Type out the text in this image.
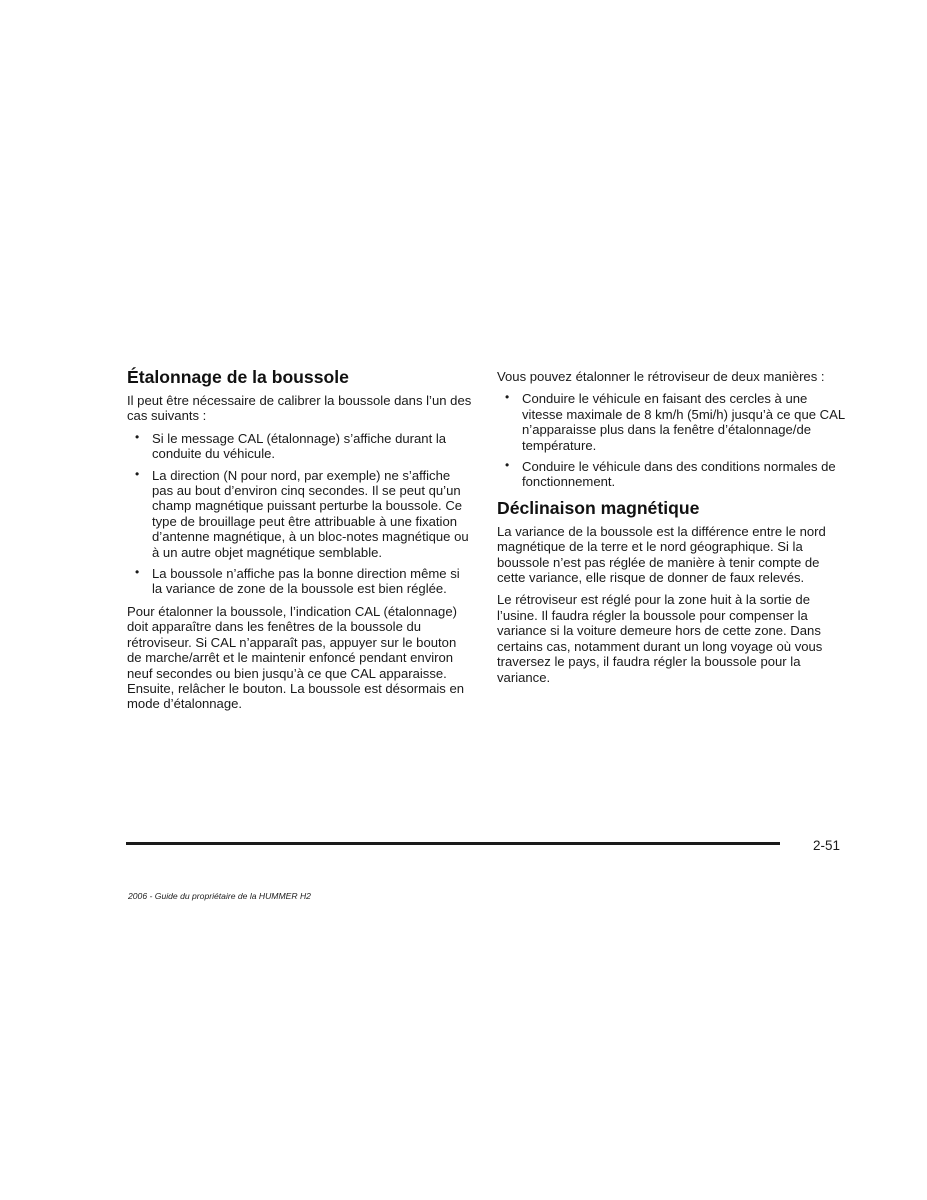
Étalonnage de la boussole

Il peut être nécessaire de calibrer la boussole dans l’un des cas suivants :

• Si le message CAL (étalonnage) s’affiche durant la conduite du véhicule.
• La direction (N pour nord, par exemple) ne s’affiche pas au bout d’environ cinq secondes. Il se peut qu’un champ magnétique puissant perturbe la boussole. Ce type de brouillage peut être attribuable à une fixation d’antenne magnétique, à un bloc-notes magnétique ou à un autre objet magnétique semblable.
• La boussole n’affiche pas la bonne direction même si la variance de zone de la boussole est bien réglée.

Pour étalonner la boussole, l’indication CAL (étalonnage) doit apparaître dans les fenêtres de la boussole du rétroviseur. Si CAL n’apparaît pas, appuyer sur le bouton de marche/arrêt et le maintenir enfoncé pendant environ neuf secondes ou bien jusqu’à ce que CAL apparaisse. Ensuite, relâcher le bouton. La boussole est désormais en mode d’étalonnage.

Vous pouvez étalonner le rétroviseur de deux manières :

• Conduire le véhicule en faisant des cercles à une vitesse maximale de 8 km/h (5mi/h) jusqu’à ce que CAL n’apparaisse plus dans la fenêtre d’étalonnage/de température.
• Conduire le véhicule dans des conditions normales de fonctionnement.
Déclinaison magnétique

La variance de la boussole est la différence entre le nord magnétique de la terre et le nord géographique. Si la boussole n’est pas réglée de manière à tenir compte de cette variance, elle risque de donner de faux relevés.

Le rétroviseur est réglé pour la zone huit à la sortie de l’usine. Il faudra régler la boussole pour compenser la variance si la voiture demeure hors de cette zone. Dans certains cas, notamment durant un long voyage où vous traversez le pays, il faudra régler la boussole pour la variance.

2-51
2006 - Guide du propriétaire de la HUMMER H2
